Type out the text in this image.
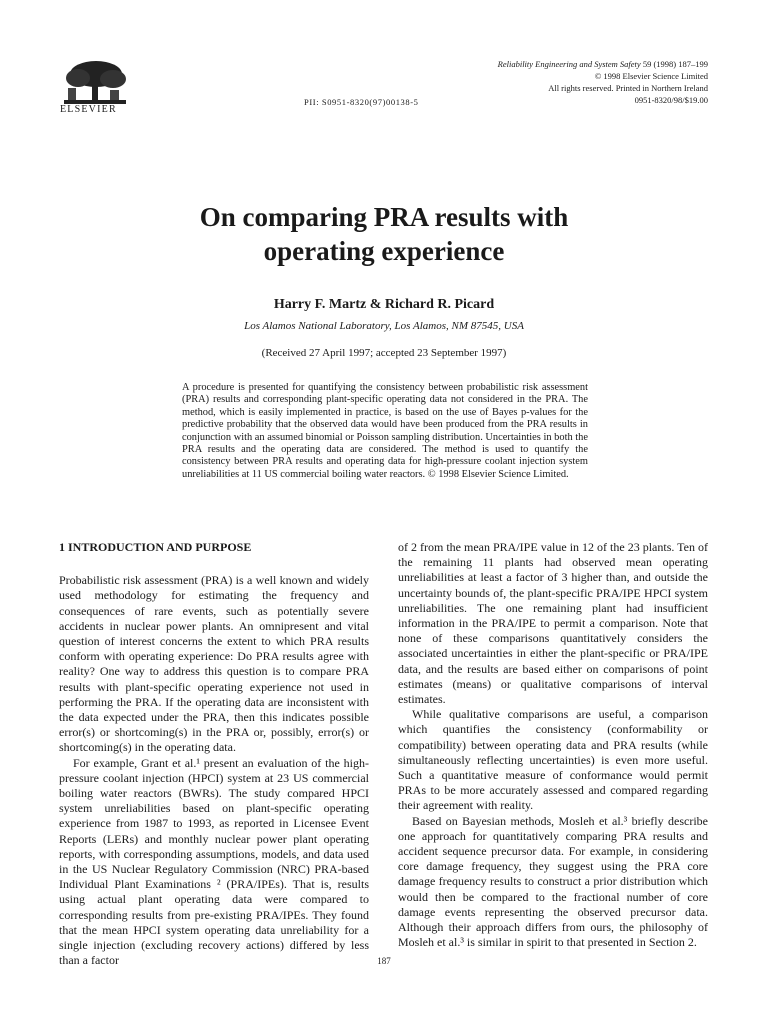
ELSEVIER
PII: S0951-8320(97)00138-5
Reliability Engineering and System Safety 59 (1998) 187–199
© 1998 Elsevier Science Limited
All rights reserved. Printed in Northern Ireland
0951-8320/98/$19.00
On comparing PRA results with
operating experience
Harry F. Martz & Richard R. Picard
Los Alamos National Laboratory, Los Alamos, NM 87545, USA
(Received 27 April 1997; accepted 23 September 1997)
A procedure is presented for quantifying the consistency between probabilistic risk assessment (PRA) results and corresponding plant-specific operating data not considered in the PRA. The method, which is easily implemented in practice, is based on the use of Bayes p-values for the predictive probability that the observed data would have been produced from the PRA results in conjunction with an assumed binomial or Poisson sampling distribution. Uncertainties in both the PRA results and the operating data are considered. The method is used to quantify the consistency between PRA results and operating data for high-pressure coolant injection system unreliabilities at 11 US commercial boiling water reactors. © 1998 Elsevier Science Limited.
1 INTRODUCTION AND PURPOSE

Probabilistic risk assessment (PRA) is a well known and widely used methodology for estimating the frequency and consequences of rare events, such as potentially severe accidents in nuclear power plants. An omnipresent and vital question of interest concerns the extent to which PRA results conform with operating experience: Do PRA results agree with reality? One way to address this question is to compare PRA results with plant-specific operating experience not used in performing the PRA. If the operating data are inconsistent with the data expected under the PRA, then this indicates possible error(s) or shortcoming(s) in the PRA or, possibly, error(s) or shortcoming(s) in the operating data.

For example, Grant et al.¹ present an evaluation of the high-pressure coolant injection (HPCI) system at 23 US commercial boiling water reactors (BWRs). The study compared HPCI system unreliabilities based on plant-specific operating experience from 1987 to 1993, as reported in Licensee Event Reports (LERs) and monthly nuclear power plant operating reports, with corresponding assumptions, models, and data used in the US Nuclear Regulatory Commission (NRC) PRA-based Individual Plant Examinations ² (PRA/IPEs). That is, results using actual plant operating data were compared to corresponding results from pre-existing PRA/IPEs. They found that the mean HPCI system operating data unreliability for a single injection (excluding recovery actions) differed by less than a factor

of 2 from the mean PRA/IPE value in 12 of the 23 plants. Ten of the remaining 11 plants had observed mean operating unreliabilities at least a factor of 3 higher than, and outside the uncertainty bounds of, the plant-specific PRA/IPE HPCI system unreliabilities. The one remaining plant had insufficient information in the PRA/IPE to permit a comparison. Note that none of these comparisons quantitatively considers the associated uncertainties in either the plant-specific or PRA/IPE data, and the results are based either on comparisons of point estimates (means) or qualitative comparisons of interval estimates.

While qualitative comparisons are useful, a comparison which quantifies the consistency (conformability or compatibility) between operating data and PRA results (while simultaneously reflecting uncertainties) is even more useful. Such a quantitative measure of conformance would permit PRAs to be more accurately assessed and compared regarding their agreement with reality.

Based on Bayesian methods, Mosleh et al.³ briefly describe one approach for quantitatively comparing PRA results and accident sequence precursor data. For example, in considering core damage frequency, they suggest using the PRA core damage frequency results to construct a prior distribution which would then be compared to the fractional number of core damage events representing the observed precursor data. Although their approach differs from ours, the philosophy of Mosleh et al.³ is similar in spirit to that presented in Section 2.

187
